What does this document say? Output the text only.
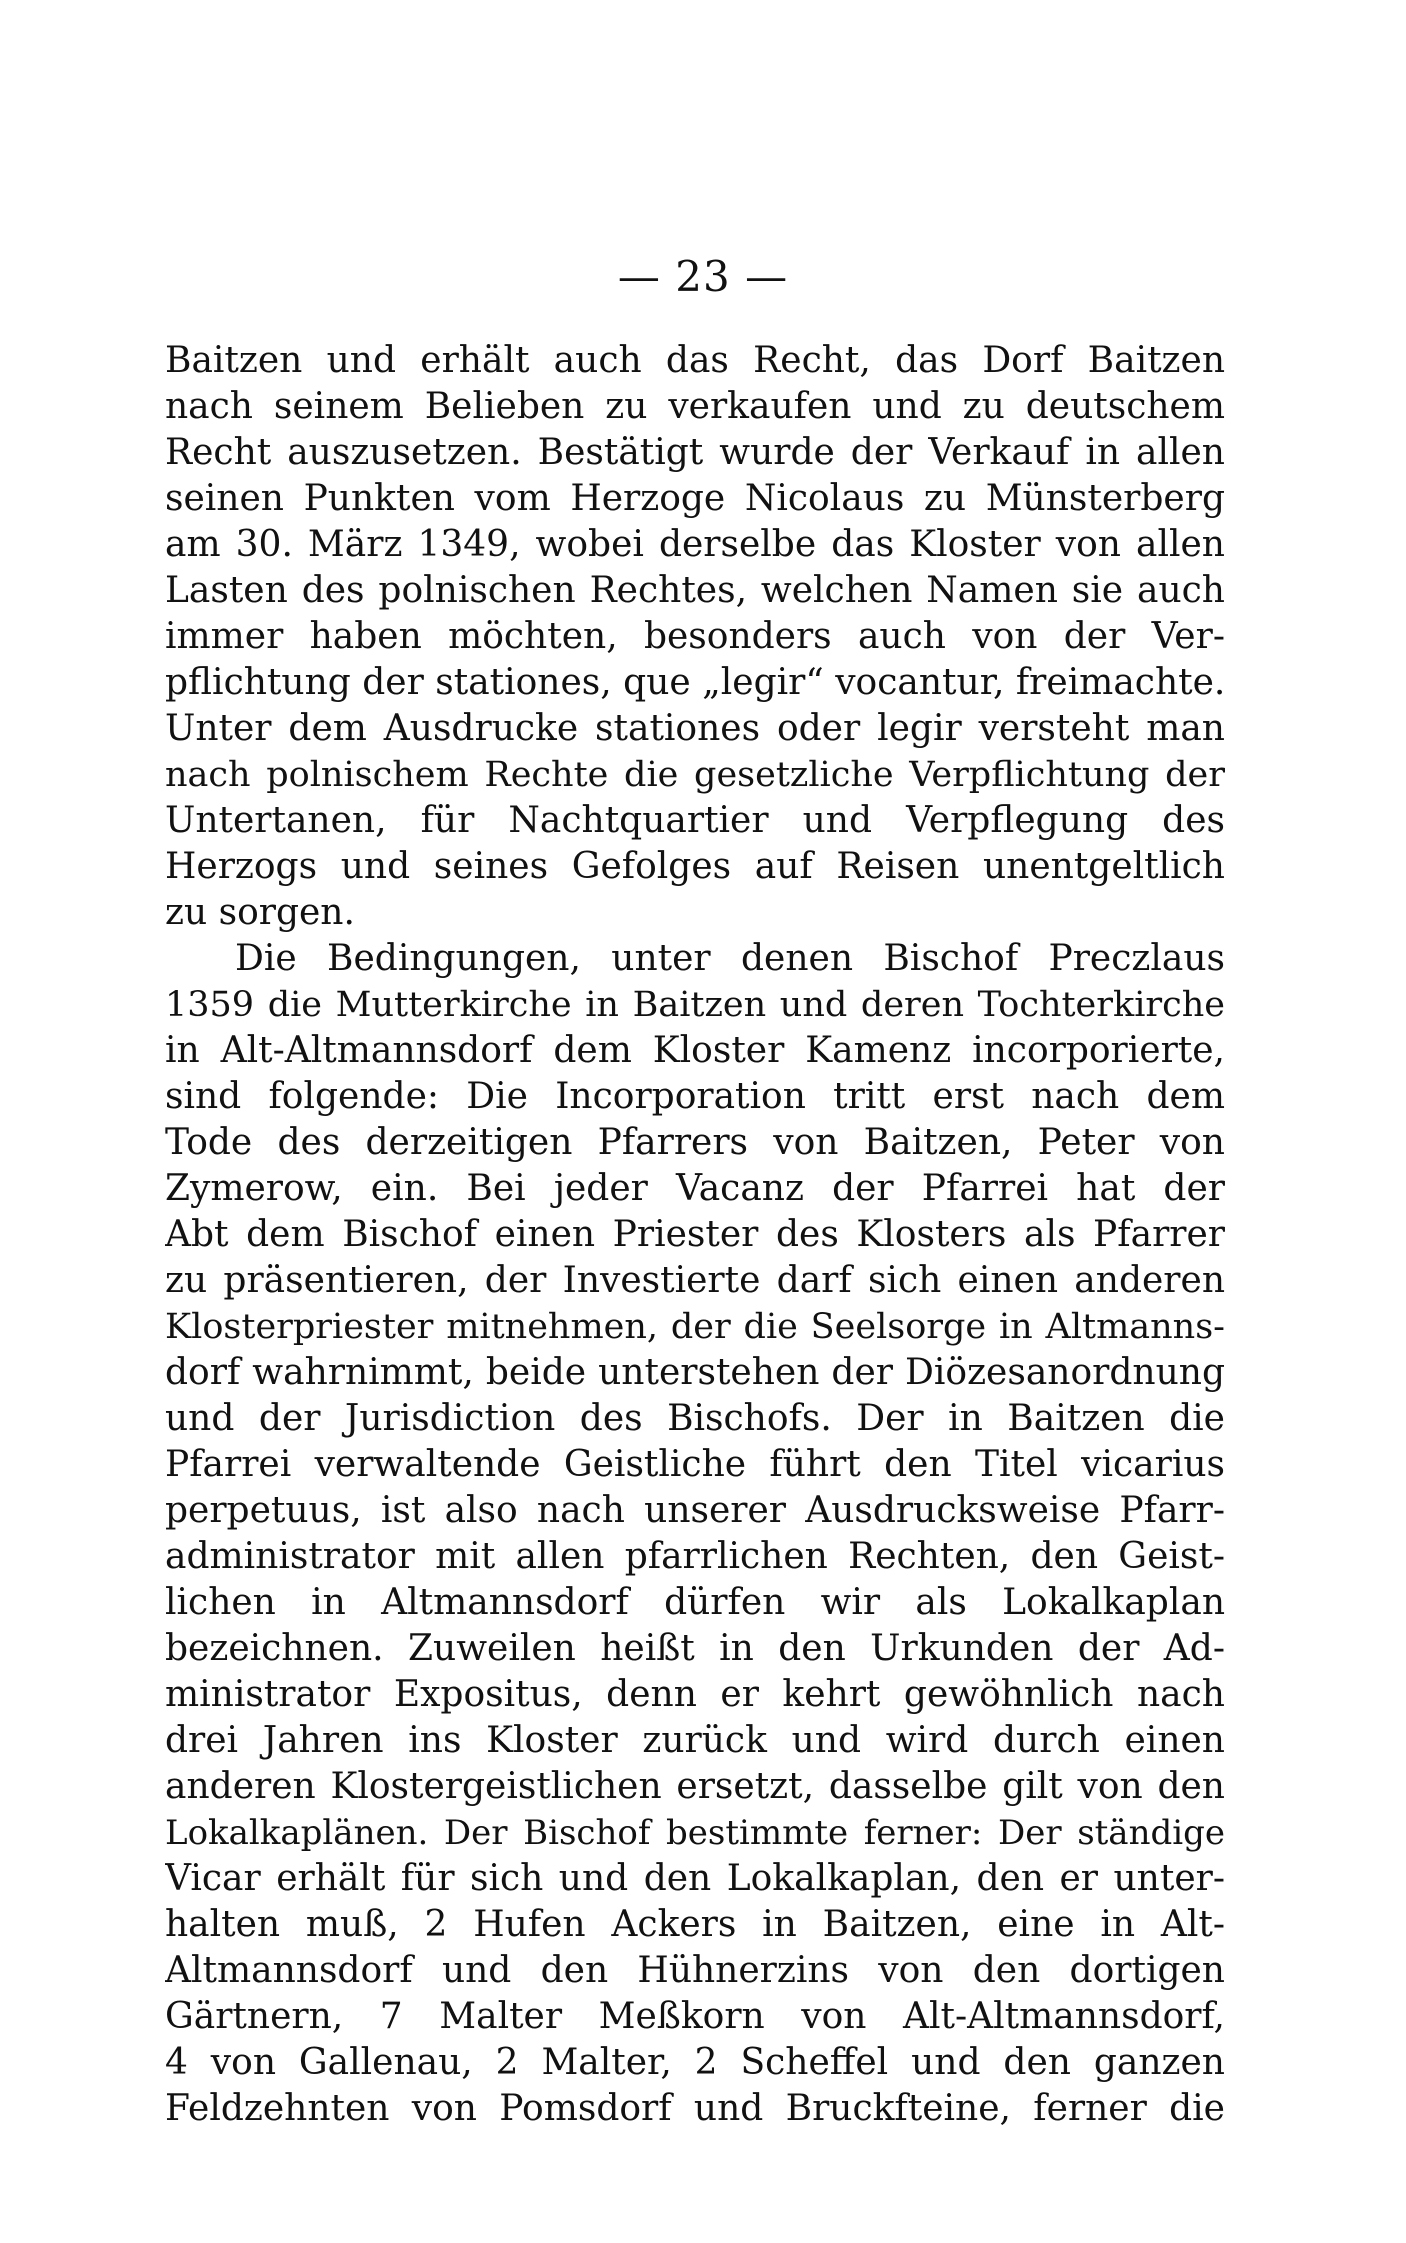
— 23 —
Baitzen und erhält auch das Recht, das Dorf Baitzen
nach seinem Belieben zu verkaufen und zu deutschem
Recht auszusetzen. Bestätigt wurde der Verkauf in allen
seinen Punkten vom Herzoge Nicolaus zu Münsterberg
am 30. März 1349, wobei derselbe das Kloster von allen
Lasten des polnischen Rechtes, welchen Namen sie auch
immer haben möchten, besonders auch von der Ver-
pflichtung der stationes, que „legir“ vocantur, freimachte.
Unter dem Ausdrucke stationes oder legir versteht man
nach polnischem Rechte die gesetzliche Verpflichtung der
Untertanen, für Nachtquartier und Verpflegung des
Herzogs und seines Gefolges auf Reisen unentgeltlich
zu sorgen.
Die Bedingungen, unter denen Bischof Preczlaus
1359 die Mutterkirche in Baitzen und deren Tochterkirche
in Alt-Altmannsdorf dem Kloster Kamenz incorporierte,
sind folgende: Die Incorporation tritt erst nach dem
Tode des derzeitigen Pfarrers von Baitzen, Peter von
Zymerow, ein. Bei jeder Vacanz der Pfarrei hat der
Abt dem Bischof einen Priester des Klosters als Pfarrer
zu präsentieren, der Investierte darf sich einen anderen
Klosterpriester mitnehmen, der die Seelsorge in Altmanns-
dorf wahrnimmt, beide unterstehen der Diözesanordnung
und der Jurisdiction des Bischofs. Der in Baitzen die
Pfarrei verwaltende Geistliche führt den Titel vicarius
perpetuus, ist also nach unserer Ausdrucksweise Pfarr-
administrator mit allen pfarrlichen Rechten, den Geist-
lichen in Altmannsdorf dürfen wir als Lokalkaplan
bezeichnen. Zuweilen heißt in den Urkunden der Ad-
ministrator Expositus, denn er kehrt gewöhnlich nach
drei Jahren ins Kloster zurück und wird durch einen
anderen Klostergeistlichen ersetzt, dasselbe gilt von den
Lokalkaplänen. Der Bischof bestimmte ferner: Der ständige
Vicar erhält für sich und den Lokalkaplan, den er unter-
halten muß, 2 Hufen Ackers in Baitzen, eine in Alt-
Altmannsdorf und den Hühnerzins von den dortigen
Gärtnern, 7 Malter Meßkorn von Alt-Altmannsdorf,
4 von Gallenau, 2 Malter, 2 Scheffel und den ganzen
Feldzehnten von Pomsdorf und Bruckfteine, ferner die
